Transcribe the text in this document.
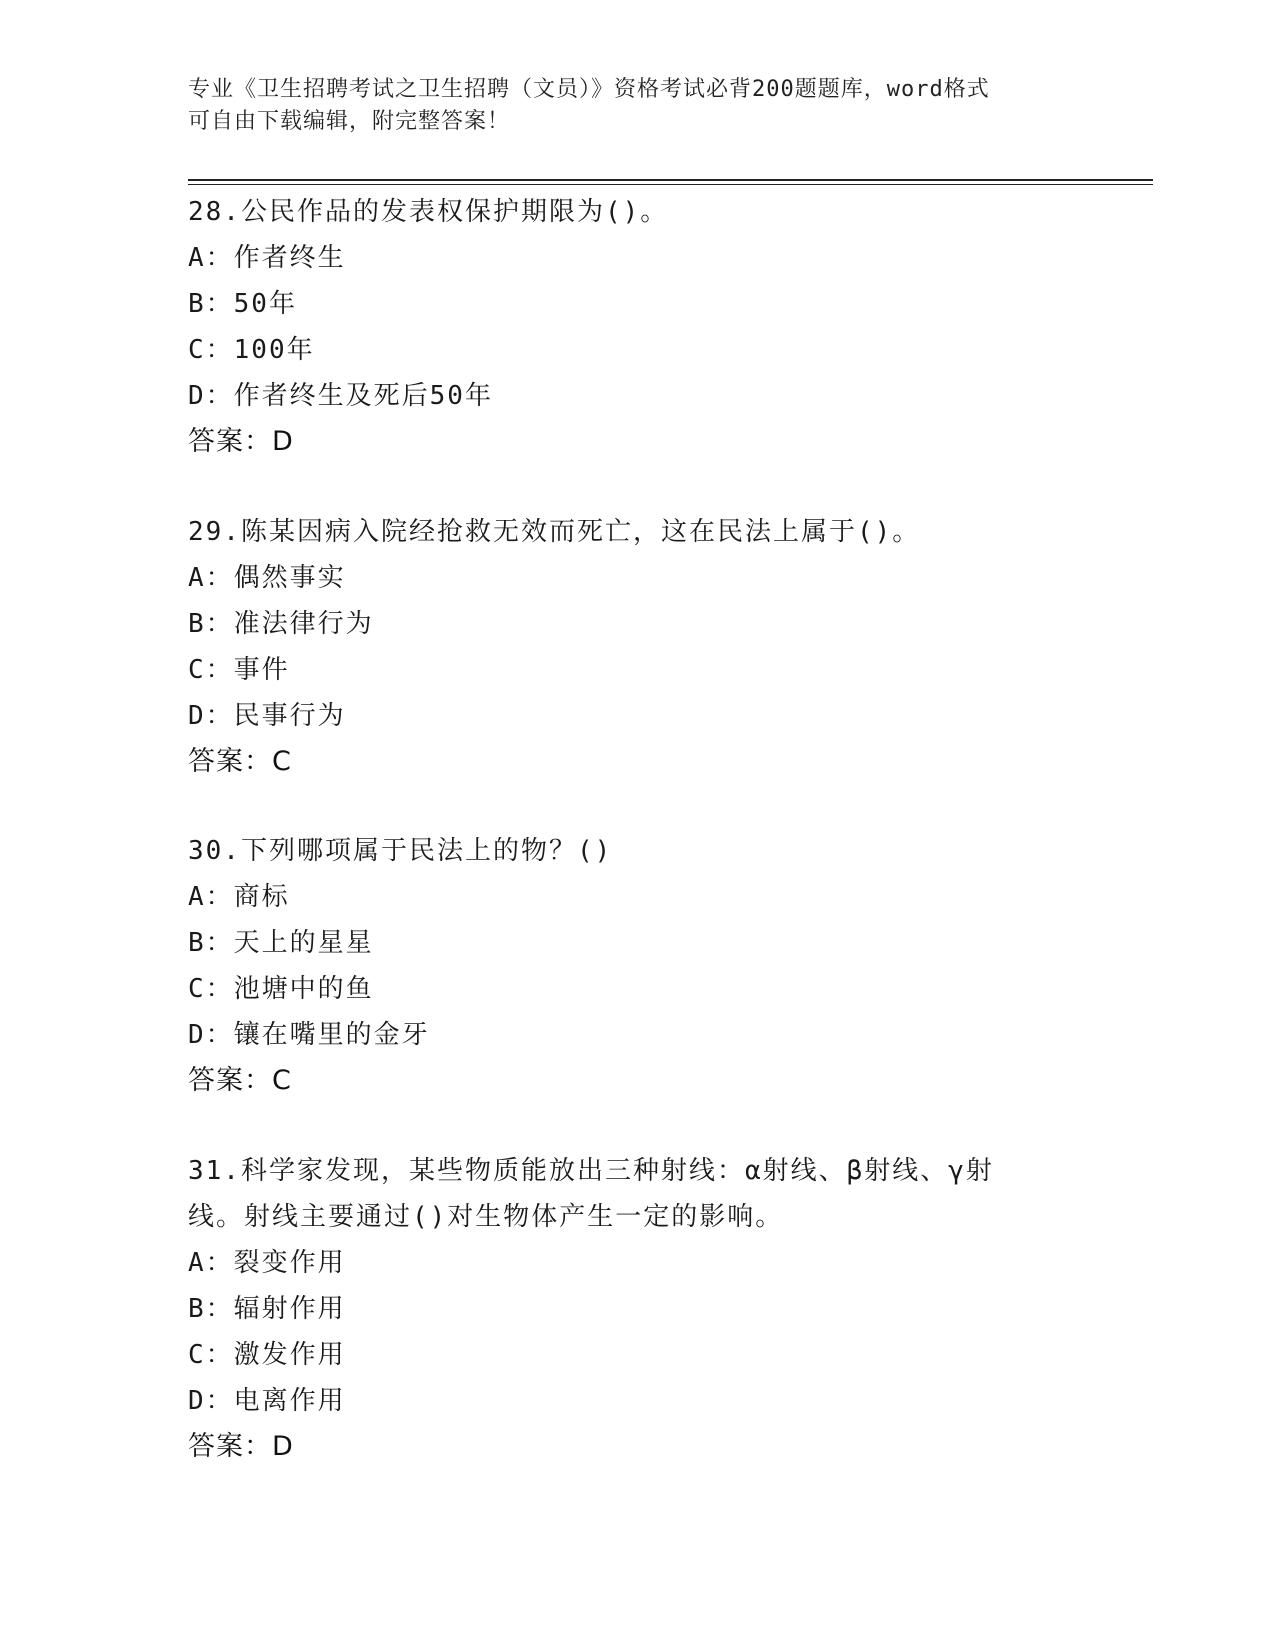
专业《卫生招聘考试之卫生招聘（文员）》资格考试必背200题题库，word格式
可自由下载编辑，附完整答案！
28.公民作品的发表权保护期限为()。
A：作者终生
B：50年
C：100年
D：作者终生及死后50年
答案：D
29.陈某因病入院经抢救无效而死亡，这在民法上属于()。
A：偶然事实
B：准法律行为
C：事件
D：民事行为
答案：C
30.下列哪项属于民法上的物？()
A：商标
B：天上的星星
C：池塘中的鱼
D：镶在嘴里的金牙
答案：C
31.科学家发现，某些物质能放出三种射线：α射线、β射线、γ射
线。射线主要通过()对生物体产生一定的影响。
A：裂变作用
B：辐射作用
C：激发作用
D：电离作用
答案：D
